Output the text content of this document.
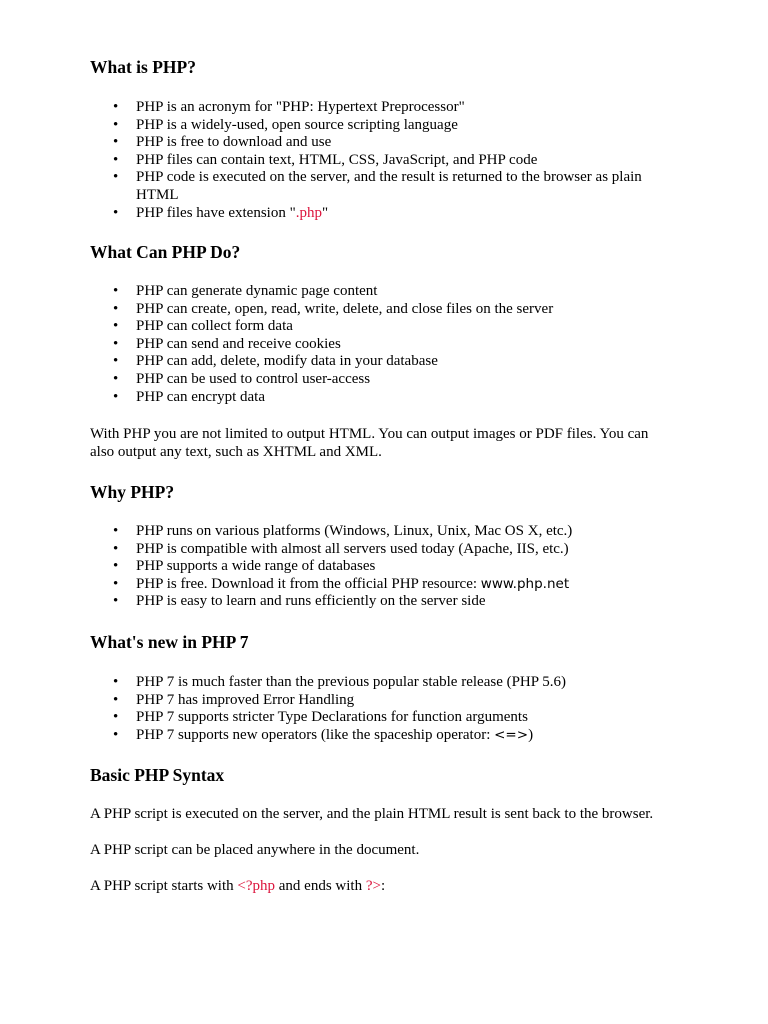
What is PHP?
• PHP is an acronym for "PHP: Hypertext Preprocessor"
• PHP is a widely-used, open source scripting language
• PHP is free to download and use
• PHP files can contain text, HTML, CSS, JavaScript, and PHP code
• PHP code is executed on the server, and the result is returned to the browser as plain HTML
• PHP files have extension ".php"
What Can PHP Do?
• PHP can generate dynamic page content
• PHP can create, open, read, write, delete, and close files on the server
• PHP can collect form data
• PHP can send and receive cookies
• PHP can add, delete, modify data in your database
• PHP can be used to control user-access
• PHP can encrypt data

With PHP you are not limited to output HTML. You can output images or PDF files. You can also output any text, such as XHTML and XML.

Why PHP?
• PHP runs on various platforms (Windows, Linux, Unix, Mac OS X, etc.)
• PHP is compatible with almost all servers used today (Apache, IIS, etc.)
• PHP supports a wide range of databases
• PHP is free. Download it from the official PHP resource: www.php.net
• PHP is easy to learn and runs efficiently on the server side
What's new in PHP 7
• PHP 7 is much faster than the previous popular stable release (PHP 5.6)
• PHP 7 has improved Error Handling
• PHP 7 supports stricter Type Declarations for function arguments
• PHP 7 supports new operators (like the spaceship operator: <=>)
Basic PHP Syntax

A PHP script is executed on the server, and the plain HTML result is sent back to the browser.

A PHP script can be placed anywhere in the document.

A PHP script starts with <?php and ends with ?>:
